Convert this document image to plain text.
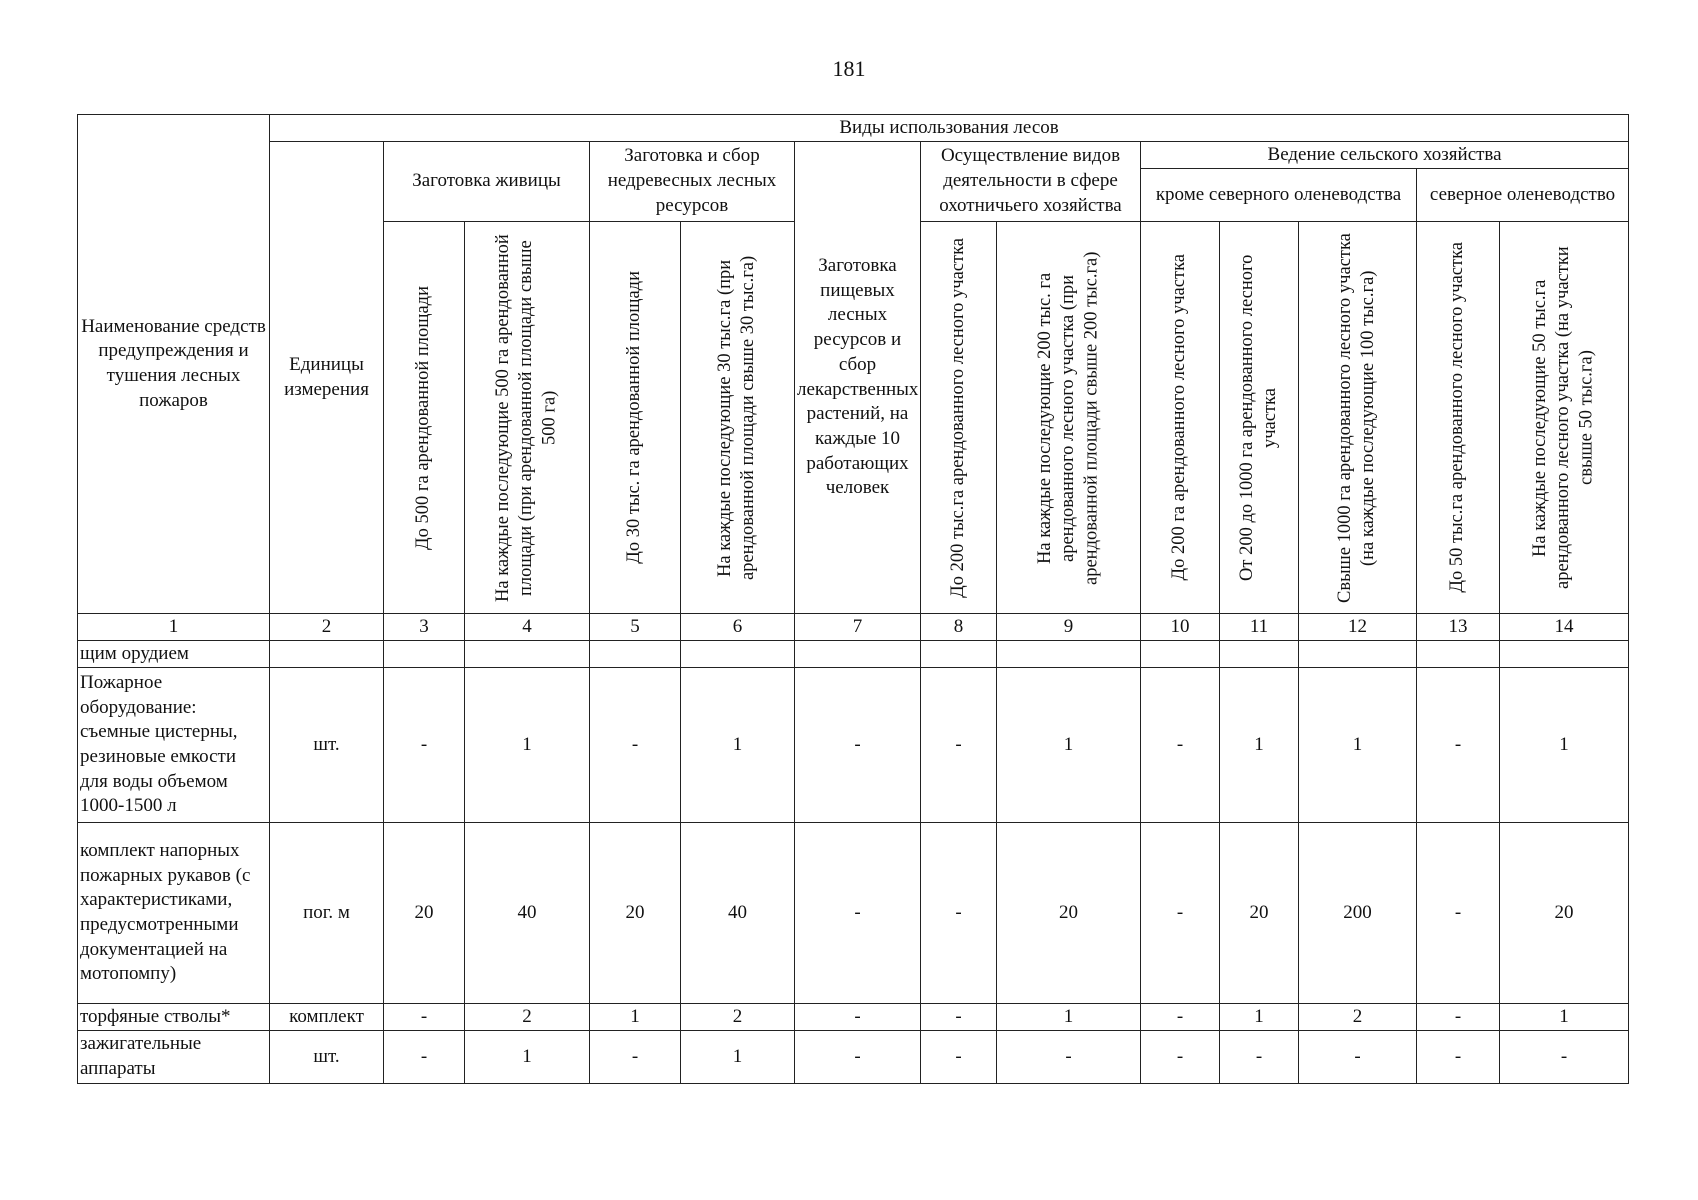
181
Наименование средств предупреждения и тушения лесных пожаров	Виды использования лесов												
	Единицы измерения	Заготовка живицы		Заготовка и сбор недревесных лесных ресурсов		Заготовка пищевых лесных ресурсов и сбор лекарственных растений, на каждые 10 работающих человек	Осуществление видов деятельности в сфере охотничьего хозяйства		Ведение сельского хозяйства				
									кроме северного оленеводства			северное оленеводство	

		До 500 га арендованной площади	На каждые последующие 500 га арендованной площади (при арендованной площади свыше 500 га)	До 30 тыс. га арендованной площади	На каждые последующие 30 тыс.га (при арендованной площади свыше 30 тыс.га)		До 200 тыс.га арендованного лесного участка	На каждые последующие 200 тыс. га арендованного лесного участка (при арендованной площади свыше 200 тыс.га)	До 200 га арендованного лесного участка	От 200 до 1000 га арендованного лесного участка	Свыше 1000 га арендованного лесного участка (на каждые последующие 100 тыс.га)	До 50 тыс.га арендованного лесного участка	На каждые последующие 50 тыс.га арендованного лесного участка (на участки свыше 50 тыс.га)

1	2	3	4	5	6	7	8	9	10	11	12	13	14
щим орудием													
Пожарное оборудование: съемные цистерны, резиновые емкости для воды объемом 1000-1500 л	шт.	-	1	-	1	-	-	1	-	1	1	-	1
комплект напорных пожарных рукавов (с характеристиками, предусмотренными документацией на мотопомпу)	пог. м	20	40	20	40	-	-	20	-	20	200	-	20
торфяные стволы*	комплект	-	2	1	2	-	-	1	-	1	2	-	1
зажигательные аппараты	шт.	-	1	-	1	-	-	-	-	-	-	-	-
